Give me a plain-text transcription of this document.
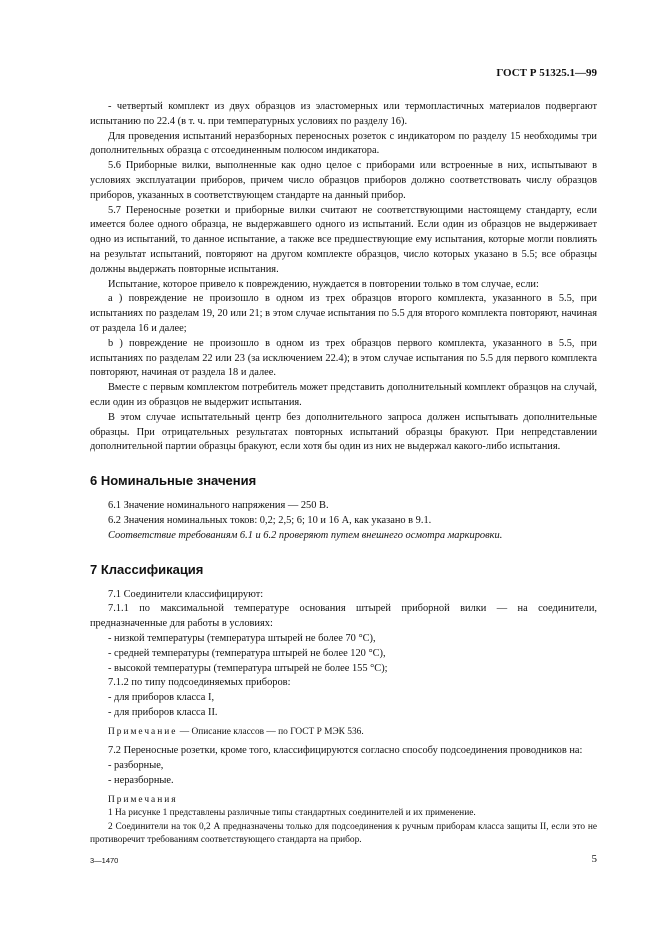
ГОСТ Р 51325.1—99

- четвертый комплект из двух образцов из эластомерных или термопластичных материалов подвергают испытанию по 22.4 (в т. ч. при температурных условиях по разделу 16).

Для проведения испытаний неразборных переносных розеток с индикатором по разделу 15 необходимы три дополнительных образца с отсоединенным полюсом индикатора.

5.6 Приборные вилки, выполненные как одно целое с приборами или встроенные в них, испытывают в условиях эксплуатации приборов, причем число образцов приборов должно соответствовать числу образцов приборов, указанных в соответствующем стандарте на данный прибор.

5.7 Переносные розетки и приборные вилки считают не соответствующими настоящему стандарту, если имеется более одного образца, не выдержавшего одного из испытаний. Если один из образцов не выдерживает одно из испытаний, то данное испытание, а также все предшествующие ему испытания, которые могли повлиять на результат испытаний, повторяют на другом комплекте образцов, число которых указано в 5.5; все образцы должны выдержать повторные испытания.

Испытание, которое привело к повреждению, нуждается в повторении только в том случае, если:

a ) повреждение не произошло в одном из трех образцов второго комплекта, указанного в 5.5, при испытаниях по разделам 19, 20 или 21; в этом случае испытания по 5.5 для второго комплекта повторяют, начиная от раздела 16 и далее;

b ) повреждение не произошло в одном из трех образцов первого комплекта, указанного в 5.5, при испытаниях по разделам 22 или 23 (за исключением 22.4); в этом случае испытания по 5.5 для первого комплекта повторяют, начиная от раздела 18 и далее.

Вместе с первым комплектом потребитель может представить дополнительный комплект образцов на случай, если один из образцов не выдержит испытания.

В этом случае испытательный центр без дополнительного запроса должен испытывать дополнительные образцы. При отрицательных результатах повторных испытаний образцы бракуют. При непредставлении дополнительной партии образцы бракуют, если хотя бы один из них не выдержал какого-либо испытания.

6 Номинальные значения

6.1 Значение номинального напряжения — 250 В.

6.2 Значения номинальных токов: 0,2; 2,5; 6; 10 и 16 А, как указано в 9.1.

Соответствие требованиям 6.1 и 6.2 проверяют путем внешнего осмотра маркировки.

7 Классификация

7.1 Соединители классифицируют:

7.1.1 по максимальной температуре основания штырей приборной вилки — на соединители, предназначенные для работы в условиях:

- низкой температуры (температура штырей не более 70 °С),

- средней температуры (температура штырей не более 120 °С),

- высокой температуры (температура штырей не более 155 °С);

7.1.2 по типу подсоединяемых приборов:

- для приборов класса I,

- для приборов класса II.

Примечание — Описание классов — по ГОСТ Р МЭК 536.

7.2 Переносные розетки, кроме того, классифицируются согласно способу подсоединения проводников на:

- разборные,

- неразборные.

Примечания

1 На рисунке 1 представлены различные типы стандартных соединителей и их применение.

2 Соединители на ток 0,2 А предназначены только для подсоединения к ручным приборам класса защиты II, если это не противоречит требованиям соответствующего стандарта на прибор.

3—1470	5
